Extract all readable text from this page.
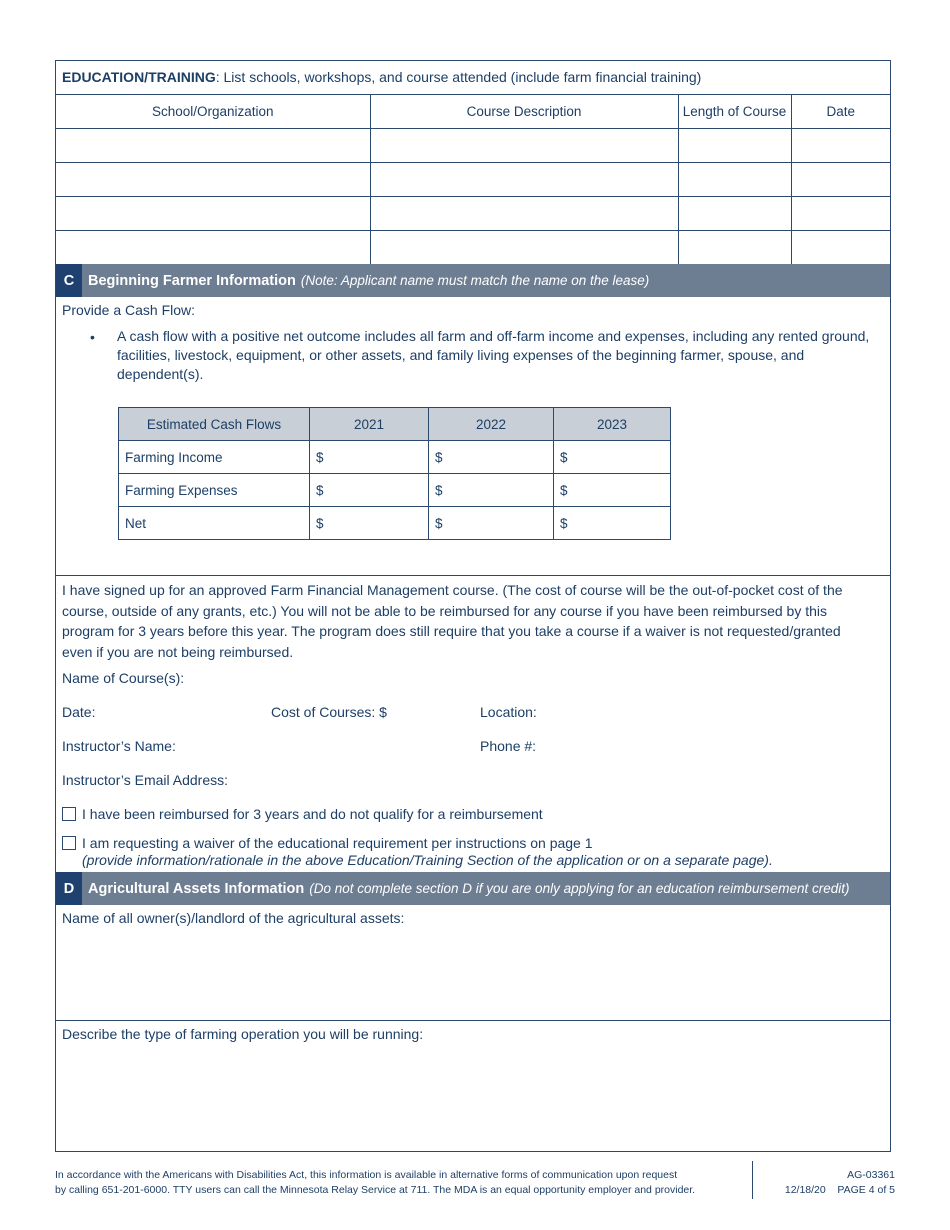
EDUCATION/TRAINING: List schools, workshops, and course attended (include farm financial training)
School/Organization	Course Description	Length of Course	Date

C Beginning Farmer Information (Note: Applicant name must match the name on the lease)
Provide a Cash Flow:
• A cash flow with a positive net outcome includes all farm and off-farm income and expenses, including any rented ground, facilities, livestock, equipment, or other assets, and family living expenses of the beginning farmer, spouse, and dependent(s).
Estimated Cash Flows	2021	2022	2023
Farming Income	$	$	$
Farming Expenses	$	$	$
Net	$	$	$
I have signed up for an approved Farm Financial Management course. (The cost of course will be the out-of-pocket cost of the course, outside of any grants, etc.) You will not be able to be reimbursed for any course if you have been reimbursed by this program for 3 years before this year. The program does still require that you take a course if a waiver is not requested/granted even if you are not being reimbursed.
Name of Course(s):
Date:	Cost of Courses: $	Location:
Instructor’s Name:	Phone #:
Instructor’s Email Address:
I have been reimbursed for 3 years and do not qualify for a reimbursement
I am requesting a waiver of the educational requirement per instructions on page 1
(provide information/rationale in the above Education/Training Section of the application or on a separate page).
D Agricultural Assets Information (Do not complete section D if you are only applying for an education reimbursement credit)
Name of all owner(s)/landlord of the agricultural assets:
Describe the type of farming operation you will be running:
In accordance with the Americans with Disabilities Act, this information is available in alternative forms of communication upon request
by calling 651-201-6000. TTY users can call the Minnesota Relay Service at 711. The MDA is an equal opportunity employer and provider.
AG-03361
12/18/20 PAGE 4 of 5
